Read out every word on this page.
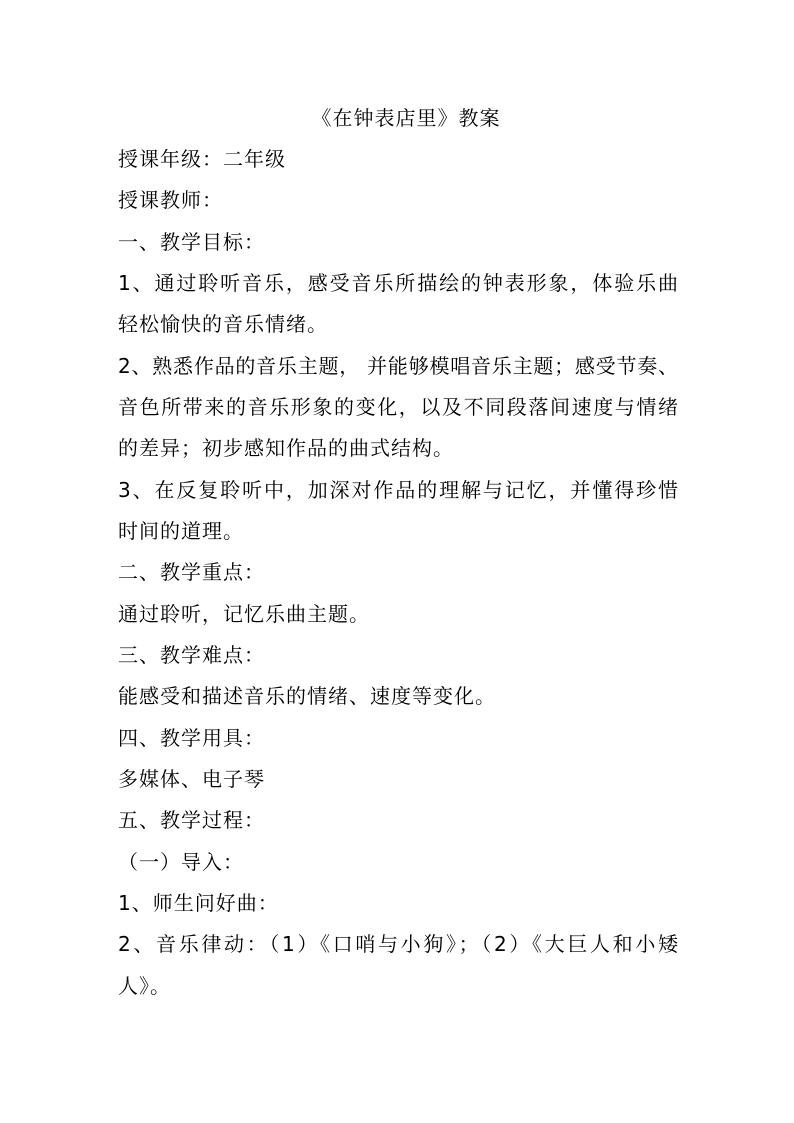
《在钟表店里》教案
授课年级：二年级
授课教师：
一、教学目标：
1、通过聆听音乐，感受音乐所描绘的钟表形象，体验乐曲
轻松愉快的音乐情绪。
2、熟悉作品的音乐主题， 并能够模唱音乐主题；感受节奏、
音色所带来的音乐形象的变化，以及不同段落间速度与情绪
的差异；初步感知作品的曲式结构。
3、在反复聆听中，加深对作品的理解与记忆，并懂得珍惜
时间的道理。
二、教学重点：
通过聆听，记忆乐曲主题。
三、教学难点：
能感受和描述音乐的情绪、速度等变化。
四、教学用具：
多媒体、电子琴
五、教学过程：
（一）导入：
1、师生问好曲：
2、音乐律动：（1）《口哨与小狗》；（2）《大巨人和小矮
人》。
